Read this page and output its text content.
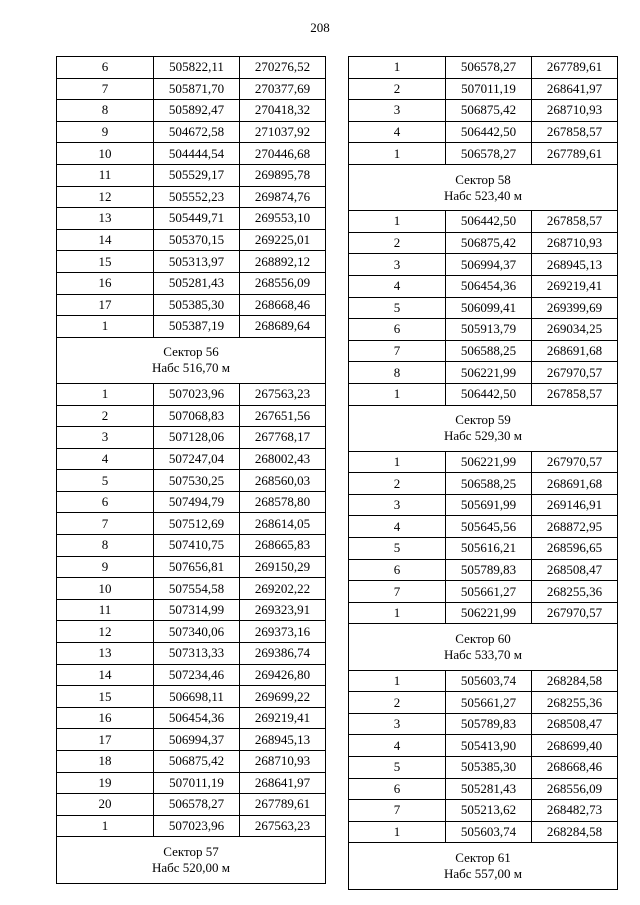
208
6	505822,11	270276,52
7	505871,70	270377,69
8	505892,47	270418,32
9	504672,58	271037,92
10	504444,54	270446,68
11	505529,17	269895,78
12	505552,23	269874,76
13	505449,71	269553,10
14	505370,15	269225,01
15	505313,97	268892,12
16	505281,43	268556,09
17	505385,30	268668,46
1	505387,19	268689,64

Сектор 56
Набс 516,70 м		

1	507023,96	267563,23
2	507068,83	267651,56
3	507128,06	267768,17
4	507247,04	268002,43
5	507530,25	268560,03
6	507494,79	268578,80
7	507512,69	268614,05
8	507410,75	268665,83
9	507656,81	269150,29
10	507554,58	269202,22
11	507314,99	269323,91
12	507340,06	269373,16
13	507313,33	269386,74
14	507234,46	269426,80
15	506698,11	269699,22
16	506454,36	269219,41
17	506994,37	268945,13
18	506875,42	268710,93
19	507011,19	268641,97
20	506578,27	267789,61
1	507023,96	267563,23

Сектор 57
Набс 520,00 м		
1	506578,27	267789,61
2	507011,19	268641,97
3	506875,42	268710,93
4	506442,50	267858,57
1	506578,27	267789,61

Сектор 58
Набс 523,40 м		

1	506442,50	267858,57
2	506875,42	268710,93
3	506994,37	268945,13
4	506454,36	269219,41
5	506099,41	269399,69
6	505913,79	269034,25
7	506588,25	268691,68
8	506221,99	267970,57
1	506442,50	267858,57

Сектор 59
Набс 529,30 м		

1	506221,99	267970,57
2	506588,25	268691,68
3	505691,99	269146,91
4	505645,56	268872,95
5	505616,21	268596,65
6	505789,83	268508,47
7	505661,27	268255,36
1	506221,99	267970,57

Сектор 60
Набс 533,70 м		

1	505603,74	268284,58
2	505661,27	268255,36
3	505789,83	268508,47
4	505413,90	268699,40
5	505385,30	268668,46
6	505281,43	268556,09
7	505213,62	268482,73
1	505603,74	268284,58

Сектор 61
Набс 557,00 м		
